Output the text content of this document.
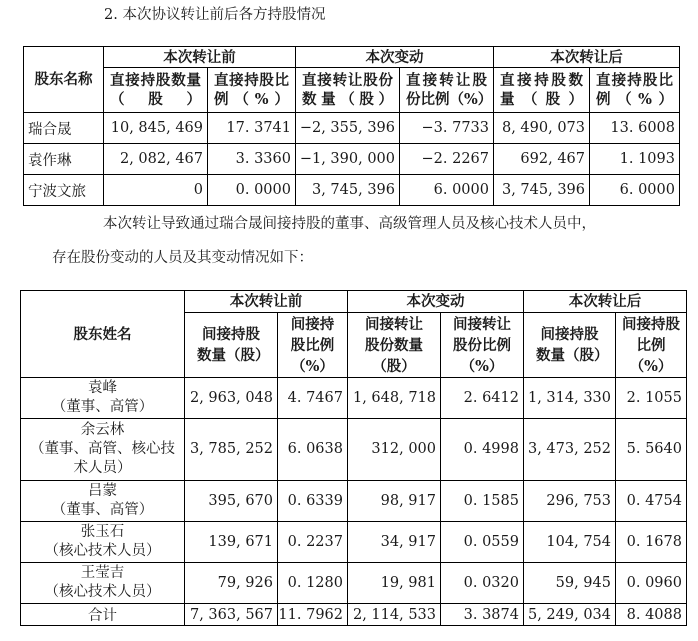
2. 本次协议转让前后各方持股情况
股东名称	本次转让前		本次变动		本次转让后	
	直接持股数量（股）	直接持股比例（%）	直接转让股份数量（股）	直接转让股份比例（%）	直接持股数量（股）	直接持股比例（%）
瑞合晟	10, 845, 469	17. 3741	−2, 355, 396	−3. 7733	8, 490, 073	13. 6008
袁作琳	2, 082, 467	3. 3360	−1, 390, 000	−2. 2267	692, 467	1. 1093
宁波文旅	0	0. 0000	3, 745, 396	6. 0000	3, 745, 396	6. 0000
本次转让导致通过瑞合晟间接持股的董事、高级管理人员及核心技术人员中，
存在股份变动的人员及其变动情况如下：
股东姓名	本次转让前		本次变动		本次转让后	
	间接持股数量（股）	间接持股比例（%）	间接转让股份数量（股）	间接转让股份比例（%）	间接持股数量（股）	间接持股比例（%）

袁峰
（董事、高管）	2, 963, 048	4. 7467	1, 648, 718	2. 6412	1, 314, 330	2. 1055

余云林
（董事、高管、核心技术人员）	3, 785, 252	6. 0638	312, 000	0. 4998	3, 473, 252	5. 5640

吕蒙
（董事、高管）	395, 670	0. 6339	98, 917	0. 1585	296, 753	0. 4754

张玉石
（核心技术人员）	139, 671	0. 2237	34, 917	0. 0559	104, 754	0. 1678

王莹吉
（核心技术人员）	79, 926	0. 1280	19, 981	0. 0320	59, 945	0. 0960
合计	7, 363, 567	11. 7962	2, 114, 533	3. 3874	5, 249, 034	8. 4088
